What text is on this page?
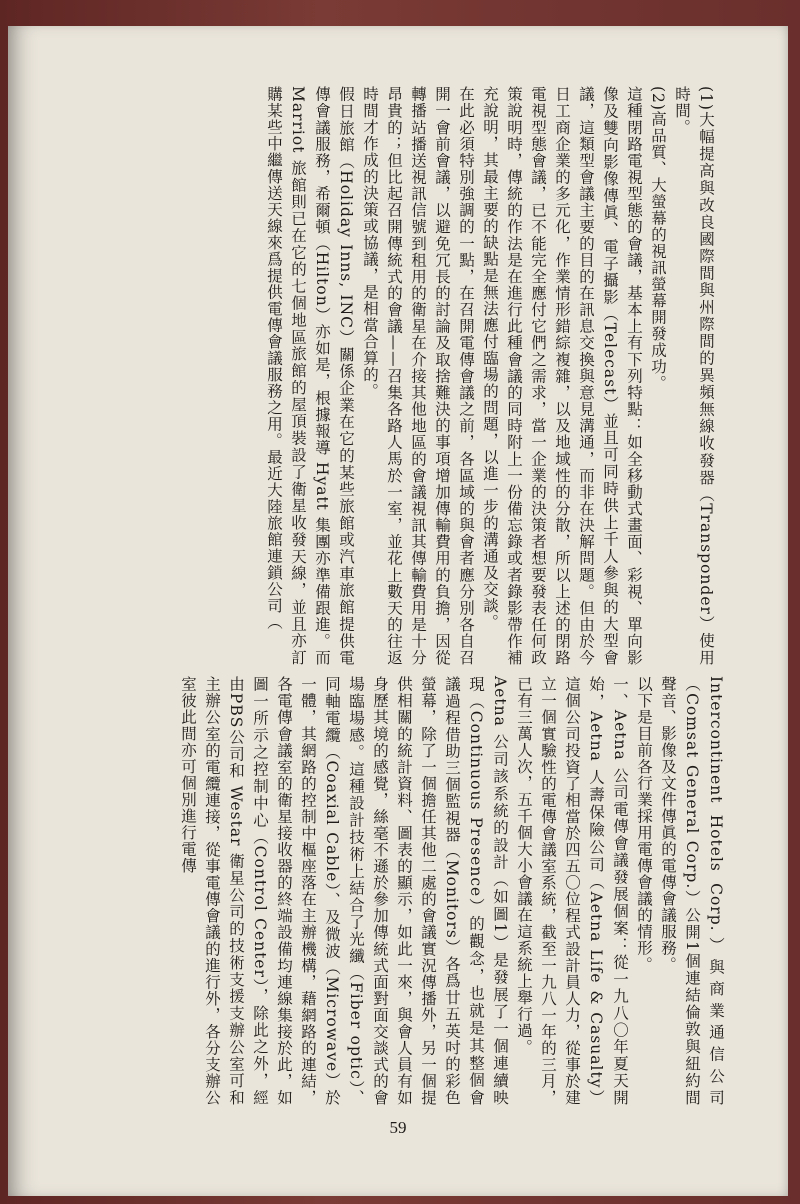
(1)大幅提高與改良國際間與州際間的異頻無線收發器（Transponder）使用時間。

(2)高品質、大螢幕的視訊螢幕開發成功。

這種閉路電視型態的會議，基本上有下列特點：如全移動式畫面、彩視、單向影像及雙向影像傳眞、電子攝影（Telecast）並且可同時供上千人參與的大型會議，這類型會議主要的目的在訊息交換與意見溝通，而非在決解問題。但由於今日工商企業的多元化，作業情形錯綜複雜，以及地域性的分散，所以上述的閉路電視型態會議，已不能完全應付它們之需求，當一企業的決策者想要發表任何政策說明時，傳統的作法是在進行此種會議的同時附上一份備忘錄或者錄影帶作補充說明，其最主要的缺點是無法應付臨場的問題，以進一步的溝通及交談。

在此必須特別強調的一點，在召開電傳會議之前，各區域的與會者應分別各自召開一會前會議，以避免冗長的討論及取捨難決的事項增加傳輸費用的負擔，因從轉播站播送視訊信號到租用的衛星在介接其他地區的會議視訊其傳輸費用是十分昂貴的；但比起召開傳統式的會議——召集各路人馬於一室，並花上數天的往返時間才作成的決策或協議，是相當合算的。

假日旅館（Holiday Inns, INC）關係企業在它的某些旅館或汽車旅館提供電傳會議服務，希爾頓（Hilton）亦如是，根據報導 Hyatt 集團亦準備跟進。而 Marriot 旅館則已在它的七個地區旅館的屋頂裝設了衛星收發天線，並且亦訂購某些中繼傳送天線來爲提供電傳會議服務之用。最近大陸旅館連鎖公司（

Intercontinent Hotels Corp.）與商業通信公司（Comsat General Corp.）公開1個連結倫敦與紐約間聲音、影像及文件傳眞的電傳會議服務。

以下是目前各行業採用電傳會議的情形。

一、Aetna 公司電傳會議發展個案：從一九八〇年夏天開始，Aetna 人壽保險公司（Aetna Life & Casualty）這個公司投資了相當於四五〇位程式設計員人力，從事於建立一個實驗性的電傳會議室系統，截至一九八一年的三月，已有三萬人次，五千個大小會議在這系統上舉行過。

Aetna 公司該系統的設計（如圖1）是發展了一個連續映現（Continuous Presence）的觀念，也就是其整個會議過程借助三個監視器（Monitors）各爲廿五英吋的彩色螢幕，除了一個擔任其他二處的會議實況傳播外，另一個提供相關的統計資料、圖表的顯示，如此一來，與會人員有如身歷其境的感覺，絲毫不遜於參加傳統式面對面交談式的會場臨場感。這種設計技術上結合了光纖（Fiber optic）、同軸電纜（Coaxial Cable）、及微波（Microwave）於一體，其網路的控制中樞座落在主辦機構，藉網路的連結，各電傳會議室的衛星接收器的終端設備均連線集接於此，如圖一所示之控制中心（Control Center），除此之外，經由PBS公司和 Westar 衛星公司的技術支援支辦公室可和主辦公室的電纜連接，從事電傳會議的進行外，各分支辦公室彼此間亦可個別進行電傳

59
